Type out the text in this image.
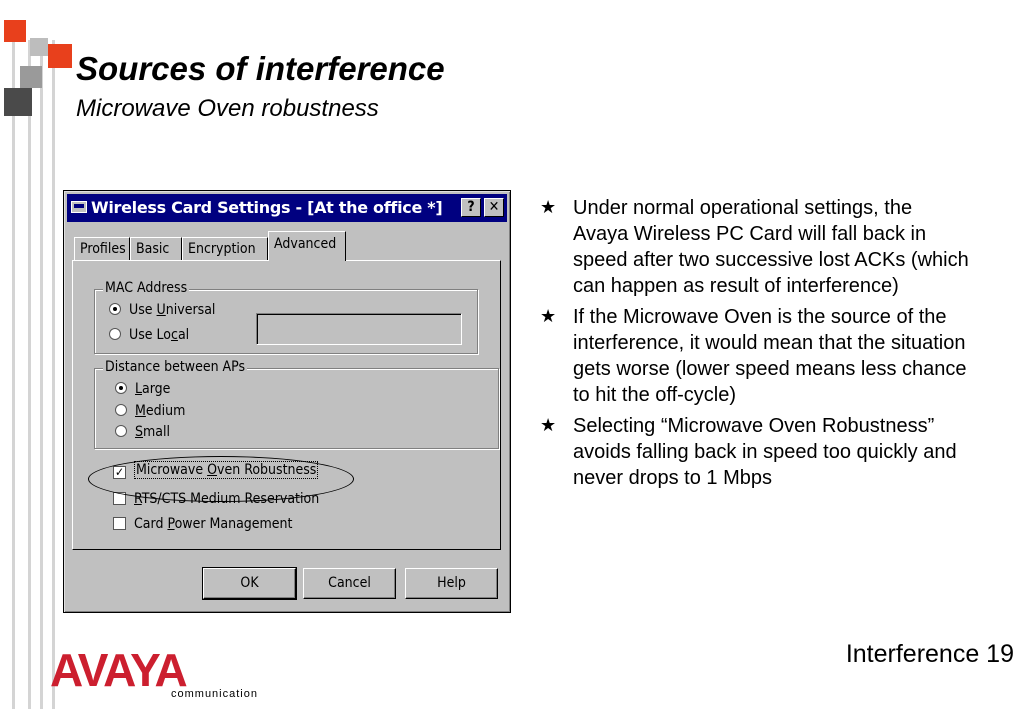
Sources of interference
Microwave Oven robustness
Wireless Card Settings - [At the office *]	?	✕
Profiles Basic	Encryption	Advanced
MAC Address
Use Universal
Use Local
Distance between APs
Large
Medium
Small
✓ Microwave Oven Robustness
RTS/CTS Medium Reservation
Card Power Management
OK	Cancel	Help
★ Under normal operational settings, the Avaya Wireless PC Card will fall back in speed after two successive lost ACKs (which can happen as result of interference)
★ If the Microwave Oven is the source of the interference, it would mean that the situation gets worse (lower speed means less chance to hit the off-cycle)
★ Selecting “Microwave Oven Robustness” avoids falling back in speed too quickly and never drops to 1 Mbps
AVAYA
communication
Interference 19
